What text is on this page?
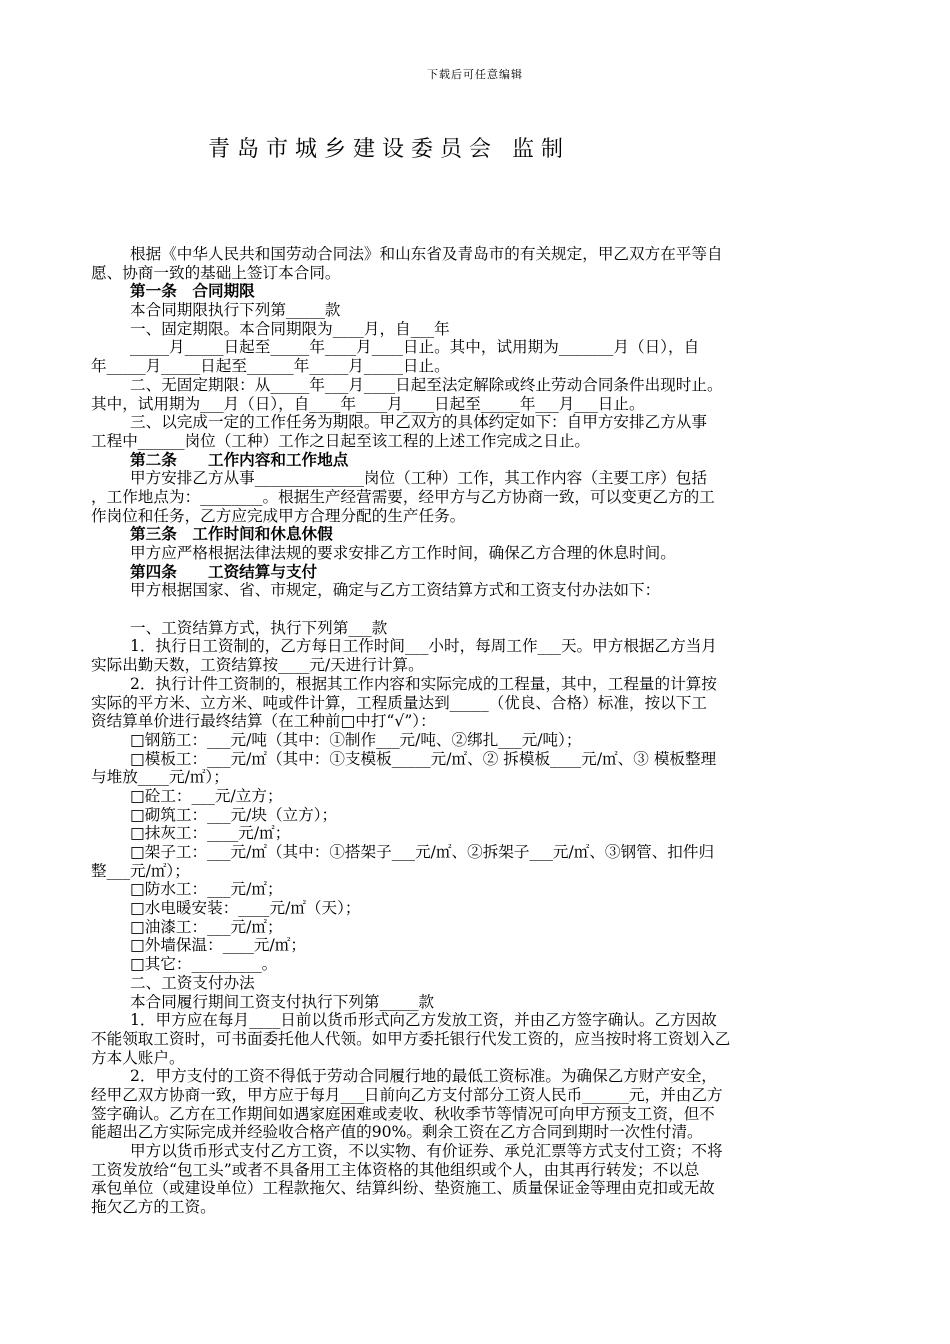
下载后可任意编辑
青岛市城乡建设委员会 监制
根据《中华人民共和国劳动合同法》和山东省及青岛市的有关规定，甲乙双方在平等自
愿、协商一致的基础上签订本合同。
第一条　合同期限
本合同期限执行下列第_____款
一、固定期限。本合同期限为____月，自___年
_____月_____日起至_____年____月____日止。其中，试用期为_______月（日），自
年_____月_____日起至______年_____月_____日止。
二、无固定期限：从_____年___月____日起至法定解除或终止劳动合同条件出现时止。
其中，试用期为___月（日），自____年____月____日起至_____年___月___日止。
三、以完成一定的工作任务为期限。甲乙双方的具体约定如下：自甲方安排乙方从事
工程中______岗位（工种）工作之日起至该工程的上述工作完成之日止。
第二条　　工作内容和工作地点
甲方安排乙方从事______________岗位（工种）工作，其工作内容（主要工序）包括
，工作地点为：________。根据生产经营需要，经甲方与乙方协商一致，可以变更乙方的工
作岗位和任务，乙方应完成甲方合理分配的生产任务。
第三条　工作时间和休息休假
甲方应严格根据法律法规的要求安排乙方工作时间，确保乙方合理的休息时间。
第四条　　工资结算与支付
甲方根据国家、省、市规定，确定与乙方工资结算方式和工资支付办法如下：
一、工资结算方式，执行下列第___款
1．执行日工资制的，乙方每日工作时间___小时，每周工作___天。甲方根据乙方当月
实际出勤天数，工资结算按____元/天进行计算。
2．执行计件工资制的，根据其工作内容和实际完成的工程量，其中，工程量的计算按
实际的平方米、立方米、吨或件计算，工程质量达到_____（优良、合格）标准，按以下工
资结算单价进行最终结算（在工种前□中打“√”）：
□钢筋工：___元/吨（其中：①制作___元/吨、②绑扎___元/吨）；
□模板工：___元/㎡（其中：①支模板_____元/㎡、② 拆模板____元/㎡、③ 模板整理
与堆放____元/㎡）；
□砼工：___元/立方；
□砌筑工：___元/块（立方）；
□抹灰工：____元/㎡；
□架子工：___元/㎡（其中：①搭架子___元/㎡、②拆架子___元/㎡、③钢管、扣件归
整___元/㎡）；
□防水工：___元/㎡；
□水电暖安装：____元/㎡（天）；
□油漆工：___元/㎡；
□外墙保温：____元/㎡；
□其它：_________。
二、工资支付办法
本合同履行期间工资支付执行下列第_____款
1．甲方应在每月____日前以货币形式向乙方发放工资，并由乙方签字确认。乙方因故
不能领取工资时，可书面委托他人代领。如甲方委托银行代发工资的，应当按时将工资划入乙
方本人账户。
2．甲方支付的工资不得低于劳动合同履行地的最低工资标准。为确保乙方财产安全，
经甲乙双方协商一致，甲方应于每月___日前向乙方支付部分工资人民币______元，并由乙方
签字确认。乙方在工作期间如遇家庭困难或麦收、秋收季节等情况可向甲方预支工资，但不
能超出乙方实际完成并经验收合格产值的90%。剩余工资在乙方合同到期时一次性付清。
甲方以货币形式支付乙方工资，不以实物、有价证券、承兑汇票等方式支付工资；不将
工资发放给“包工头”或者不具备用工主体资格的其他组织或个人，由其再行转发；不以总
承包单位（或建设单位）工程款拖欠、结算纠纷、垫资施工、质量保证金等理由克扣或无故
拖欠乙方的工资。
